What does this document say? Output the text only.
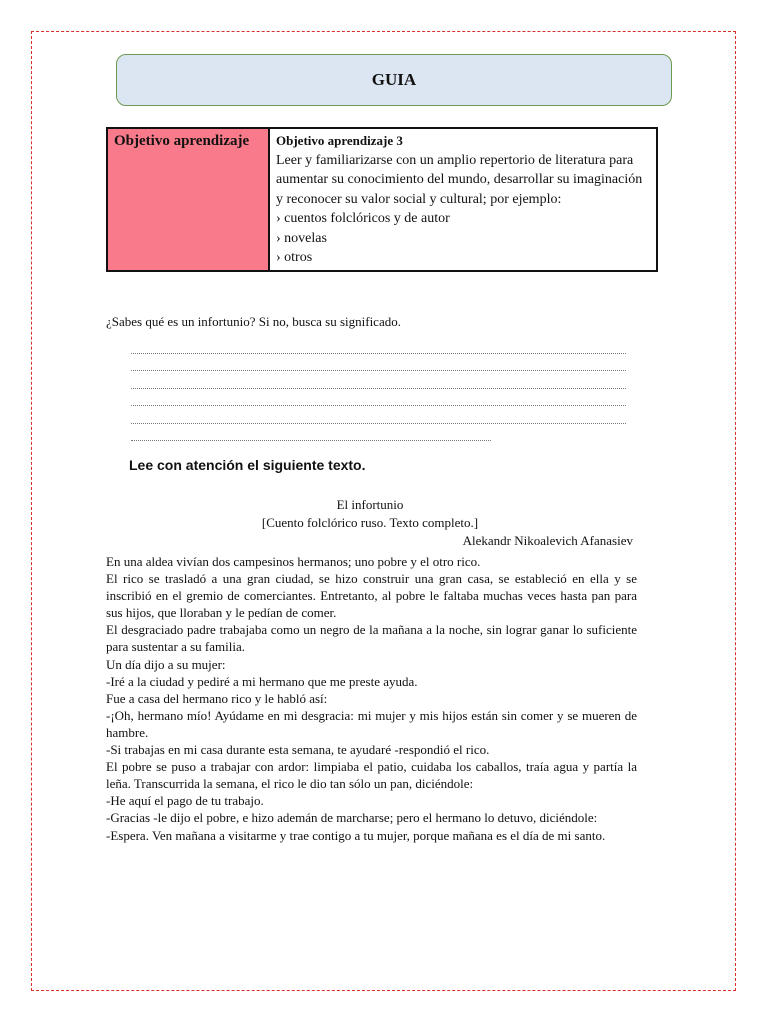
GUIA
Objetivo aprendizaje	Objetivo aprendizaje 3
Leer y familiarizarse con un amplio repertorio de literatura para aumentar su conocimiento del mundo, desarrollar su imaginación y reconocer su valor social y cultural; por ejemplo:
› cuentos folclóricos y de autor
› novelas
› otros
¿Sabes qué es un infortunio? Si no, busca su significado.
Lee con atención el siguiente texto.
El infortunio
[Cuento folclórico ruso. Texto completo.]
Alekandr Nikoalevich Afanasiev

En una aldea vivían dos campesinos hermanos; uno pobre y el otro rico.

El rico se trasladó a una gran ciudad, se hizo construir una gran casa, se estableció en ella y se inscribió en el gremio de comerciantes. Entretanto, al pobre le faltaba muchas veces hasta pan para sus hijos, que lloraban y le pedían de comer.

El desgraciado padre trabajaba como un negro de la mañana a la noche, sin lograr ganar lo suficiente para sustentar a su familia.

Un día dijo a su mujer:

-Iré a la ciudad y pediré a mi hermano que me preste ayuda.

Fue a casa del hermano rico y le habló así:

-¡Oh, hermano mío! Ayúdame en mi desgracia: mi mujer y mis hijos están sin comer y se mueren de hambre.

-Si trabajas en mi casa durante esta semana, te ayudaré -respondió el rico.

El pobre se puso a trabajar con ardor: limpiaba el patio, cuidaba los caballos, traía agua y partía la leña. Transcurrida la semana, el rico le dio tan sólo un pan, diciéndole:

-He aquí el pago de tu trabajo.

-Gracias -le dijo el pobre, e hizo ademán de marcharse; pero el hermano lo detuvo, diciéndole:

-Espera. Ven mañana a visitarme y trae contigo a tu mujer, porque mañana es el día de mi santo.
